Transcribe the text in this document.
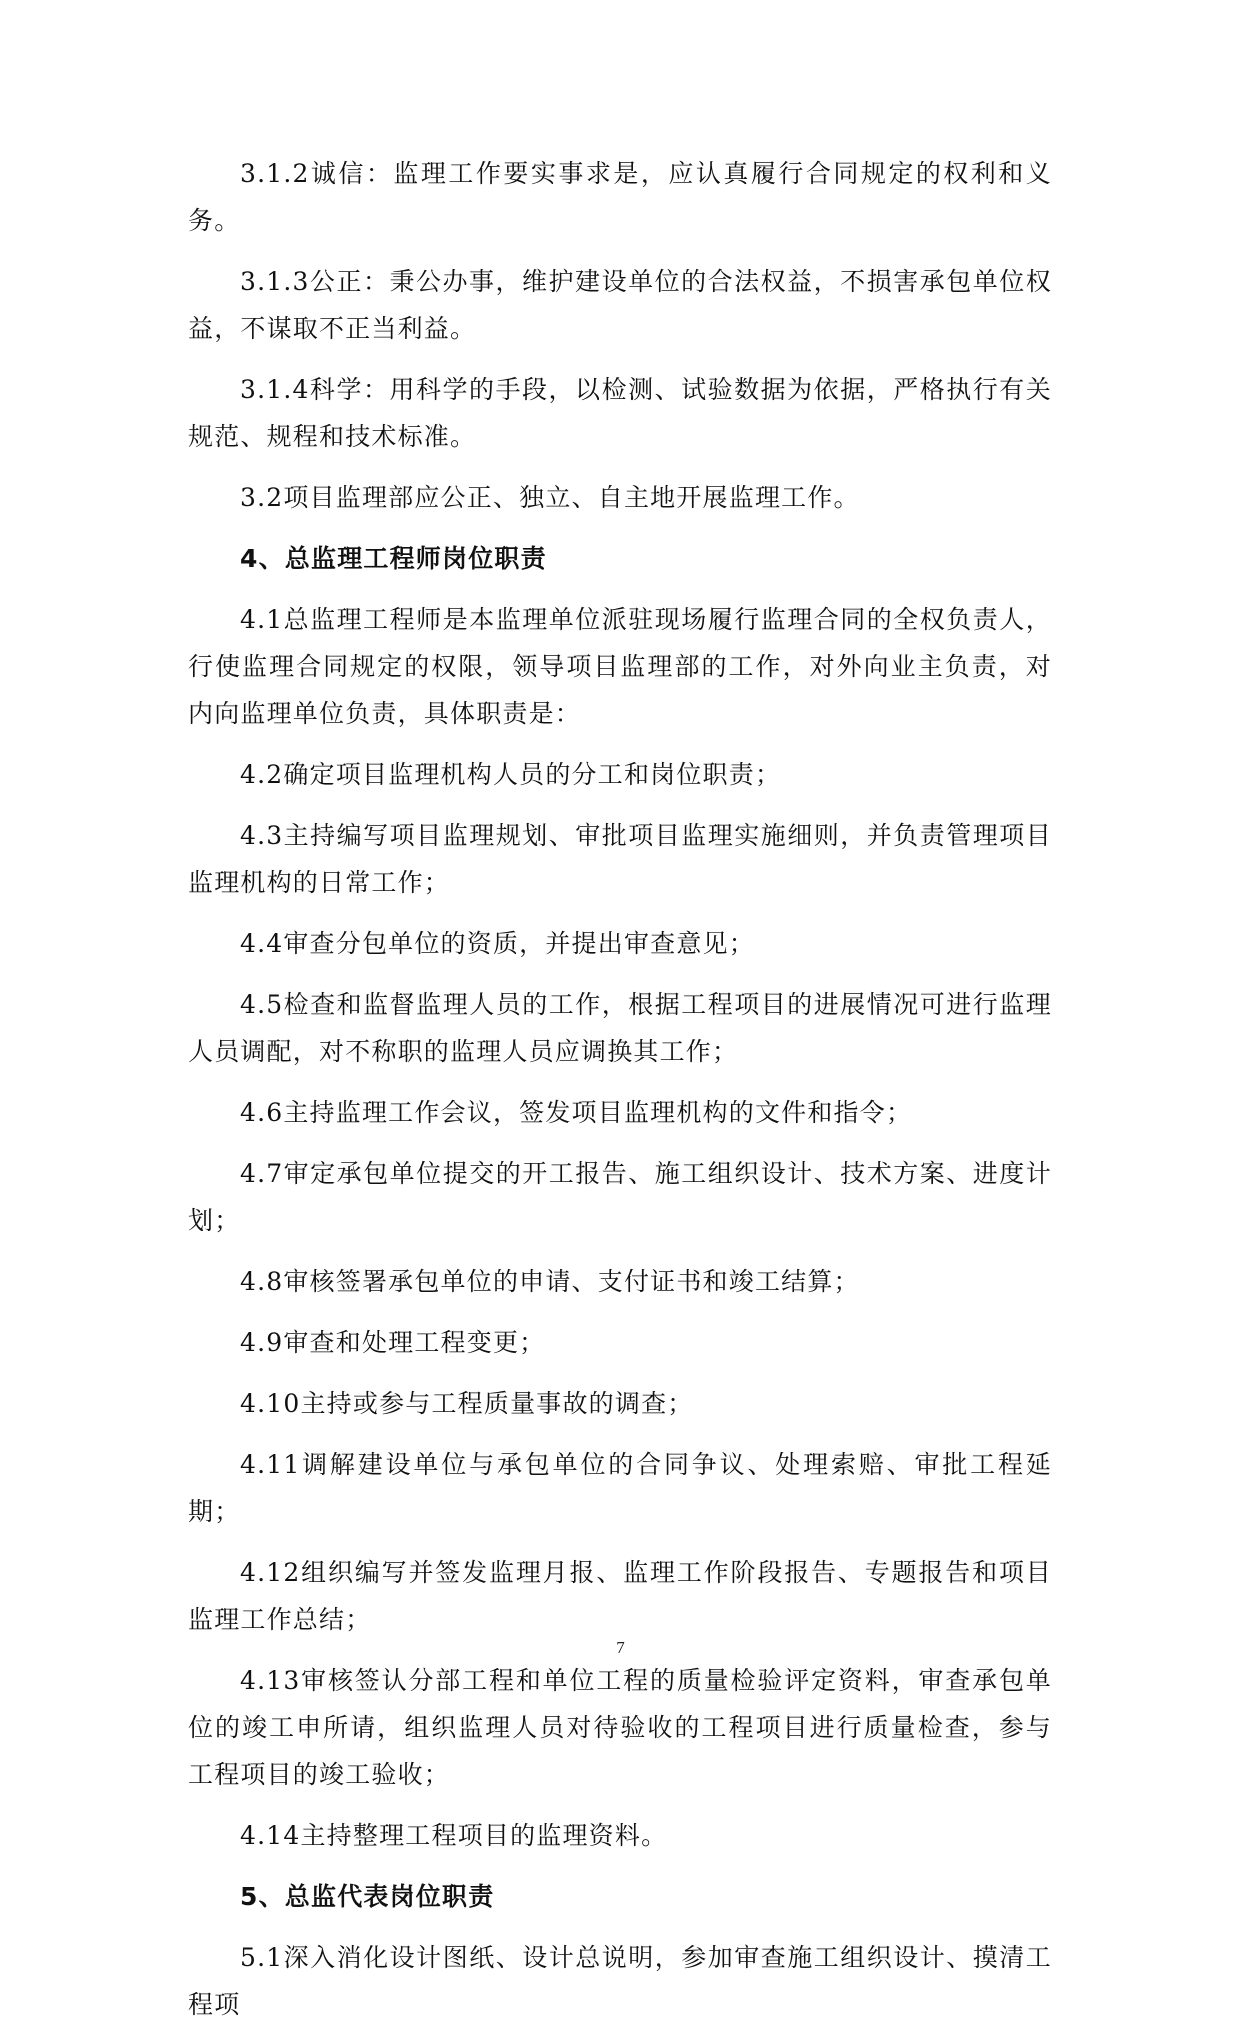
3.1.2诚信：监理工作要实事求是，应认真履行合同规定的权利和义务。

3.1.3公正：秉公办事，维护建设单位的合法权益，不损害承包单位权益，不谋取不正当利益。

3.1.4科学：用科学的手段，以检测、试验数据为依据，严格执行有关规范、规程和技术标准。

3.2项目监理部应公正、独立、自主地开展监理工作。

4、总监理工程师岗位职责

4.1总监理工程师是本监理单位派驻现场履行监理合同的全权负责人，行使监理合同规定的权限，领导项目监理部的工作，对外向业主负责，对内向监理单位负责，具体职责是：

4.2确定项目监理机构人员的分工和岗位职责；

4.3主持编写项目监理规划、审批项目监理实施细则，并负责管理项目监理机构的日常工作；

4.4审查分包单位的资质，并提出审查意见；

4.5检查和监督监理人员的工作，根据工程项目的进展情况可进行监理人员调配，对不称职的监理人员应调换其工作；

4.6主持监理工作会议，签发项目监理机构的文件和指令；

4.7审定承包单位提交的开工报告、施工组织设计、技术方案、进度计划；

4.8审核签署承包单位的申请、支付证书和竣工结算；

4.9审查和处理工程变更；

4.10主持或参与工程质量事故的调查；

4.11调解建设单位与承包单位的合同争议、处理索赔、审批工程延期；

4.12组织编写并签发监理月报、监理工作阶段报告、专题报告和项目监理工作总结；

4.13审核签认分部工程和单位工程的质量检验评定资料，审查承包单位的竣工申所请，组织监理人员对待验收的工程项目进行质量检查，参与工程项目的竣工验收；

4.14主持整理工程项目的监理资料。

5、总监代表岗位职责

5.1深入消化设计图纸、设计总说明，参加审查施工组织设计、摸清工程项

7
